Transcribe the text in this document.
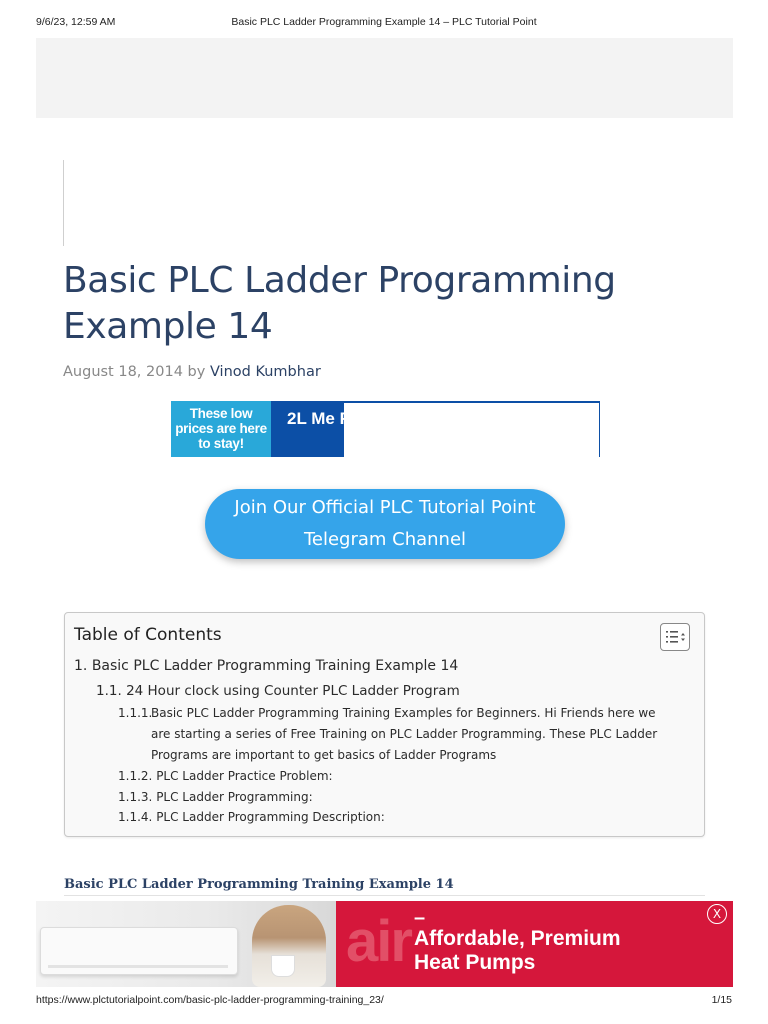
9/6/23, 12:59 AM	Basic PLC Ladder Programming Example 14 – PLC Tutorial Point
Basic PLC Ladder Programming Example 14
August 18, 2014 by Vinod Kumbhar
These low prices are here to stay!
2L Me Fresh
Join Our Official PLC Tutorial Point
Telegram Channel
Table of Contents
1. Basic PLC Ladder Programming Training Example 14
1.1. 24 Hour clock using Counter PLC Ladder Program
1.1.1.
Basic PLC Ladder Programming Training Examples for Beginners. Hi Friends here we are starting a series of Free Training on PLC Ladder Programming. These PLC Ladder Programs are important to get basics of Ladder Programs
1.1.2. PLC Ladder Practice Problem:
1.1.3. PLC Ladder Programming:
1.1.4. PLC Ladder Programming Description:
Basic PLC Ladder Programming Training Example 14
air –
Affordable, Premium
Heat Pumps
X
https://www.plctutorialpoint.com/basic-plc-ladder-programming-training_23/	1/15
